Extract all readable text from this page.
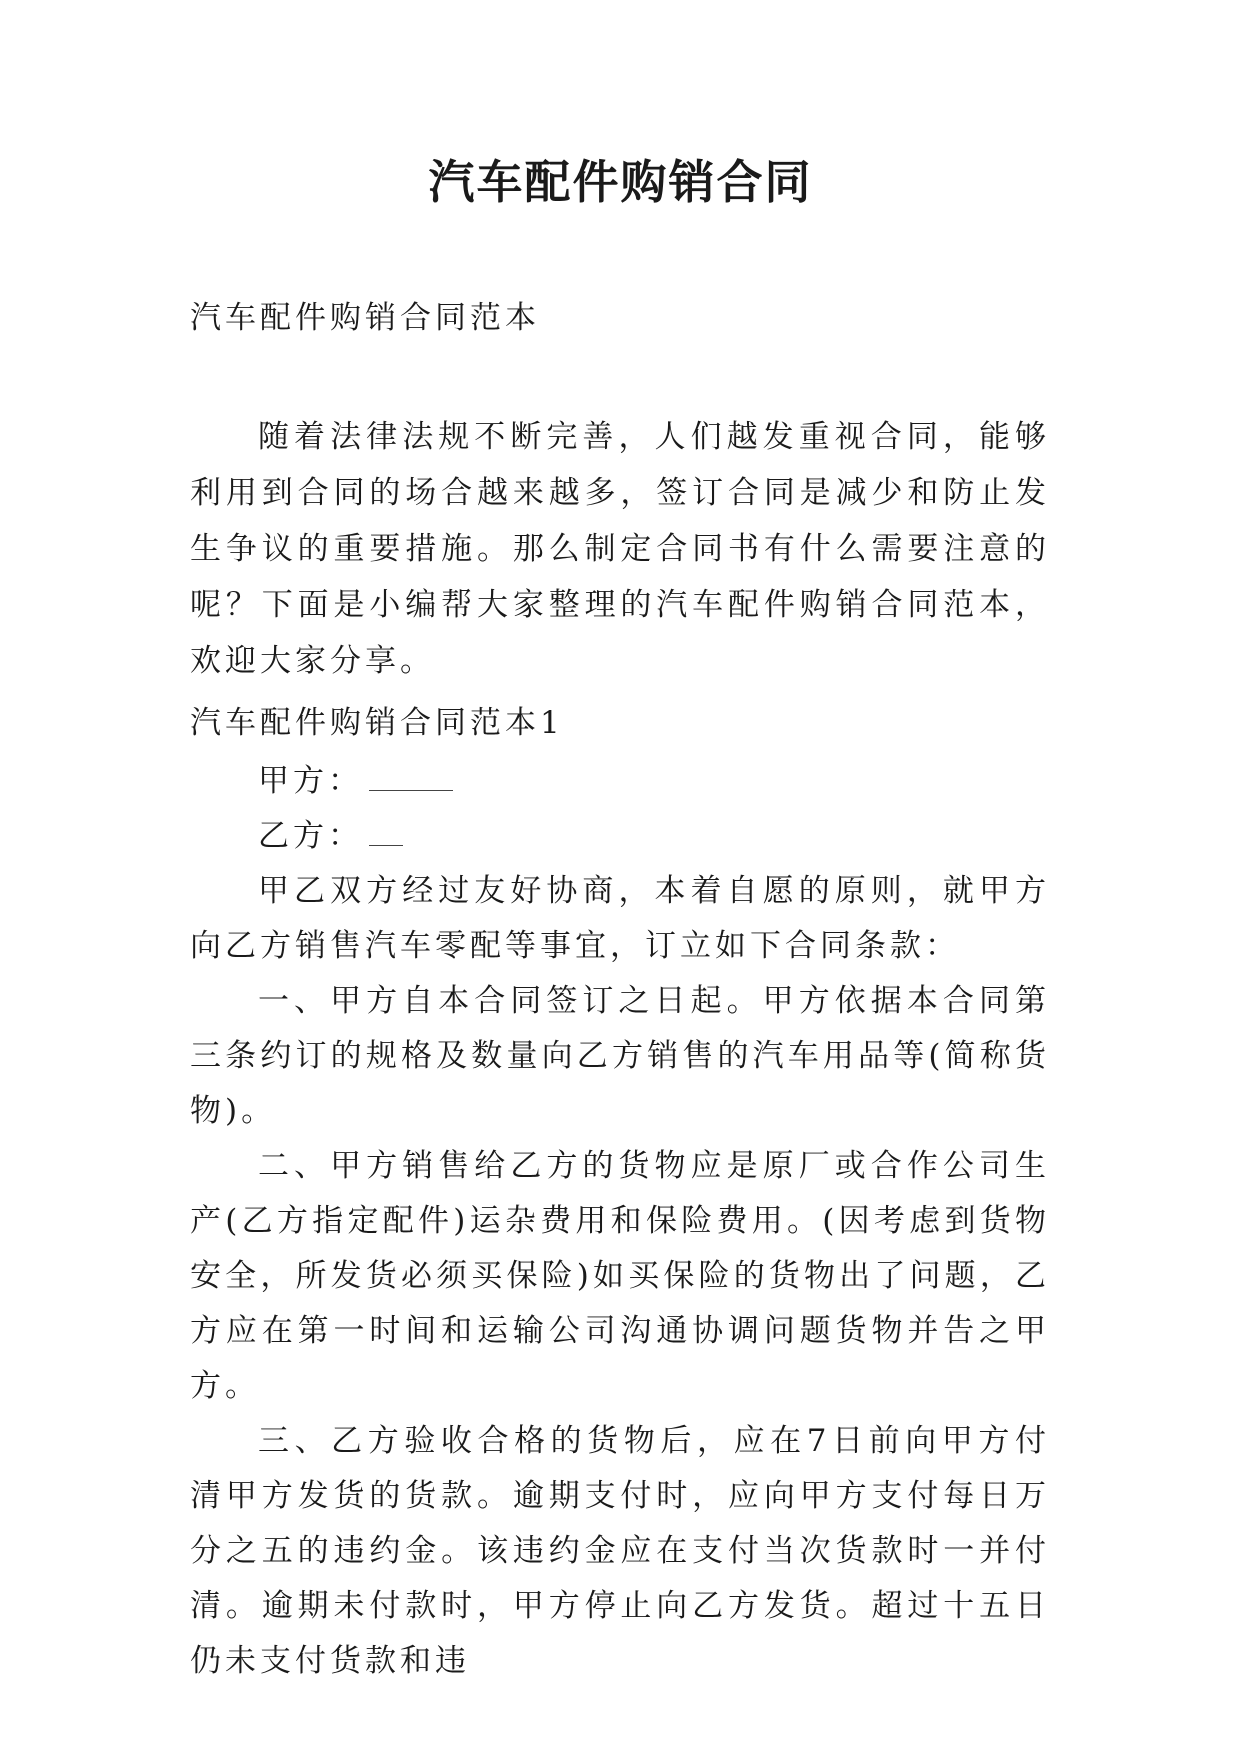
汽车配件购销合同

汽车配件购销合同范本

随着法律法规不断完善，人们越发重视合同，能够利用到合同的场合越来越多，签订合同是减少和防止发生争议的重要措施。那么制定合同书有什么需要注意的呢？下面是小编帮大家整理的汽车配件购销合同范本，欢迎大家分享。

汽车配件购销合同范本1

甲方：

乙方：

甲乙双方经过友好协商，本着自愿的原则，就甲方向乙方销售汽车零配等事宜，订立如下合同条款：

一、甲方自本合同签订之日起。甲方依据本合同第三条约订的规格及数量向乙方销售的汽车用品等(简称货物)。

二、甲方销售给乙方的货物应是原厂或合作公司生产(乙方指定配件)运杂费用和保险费用。(因考虑到货物安全，所发货必须买保险)如买保险的货物出了问题，乙方应在第一时间和运输公司沟通协调问题货物并告之甲方。

三、乙方验收合格的货物后，应在7日前向甲方付清甲方发货的货款。逾期支付时，应向甲方支付每日万分之五的违约金。该违约金应在支付当次货款时一并付清。逾期未付款时，甲方停止向乙方发货。超过十五日仍未支付货款和违
